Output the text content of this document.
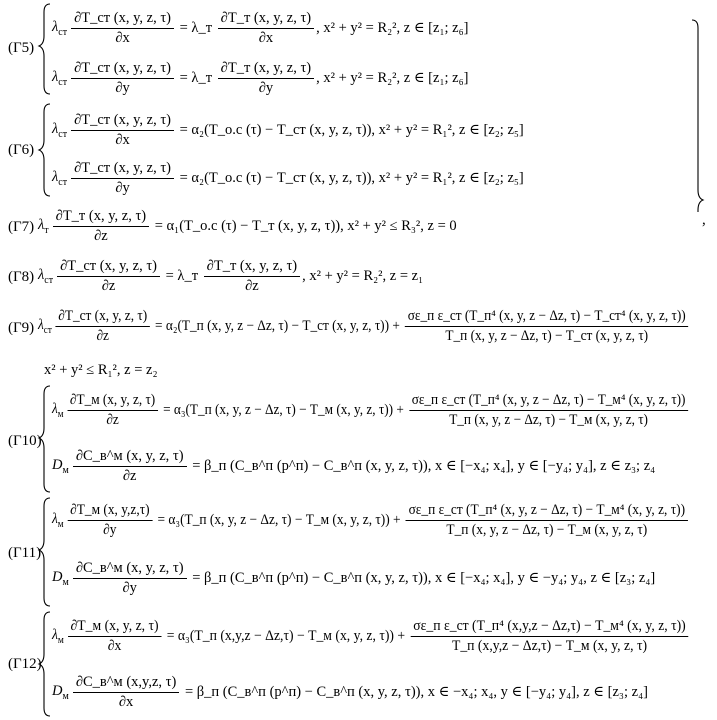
(Г5)
(Г6)
(Г7)
(Г8)
(Г9)
(Г10)
(Г11)
(Г12)
,
$\lambda_{ст} \frac{\partial T\_ст (x, y, z, \tau)}{\partial x}$ = λ_т $\frac{\partial T\_т (x, y, z, \tau)}{\partial x}$ , x² + y² = R₂², z ∈ [z₁; z₆]
$\lambda_{ст} \frac{\partial T\_ст (x, y, z, \tau)}{\partial y}$ = λ_т $\frac{\partial T\_т (x, y, z, \tau)}{\partial y}$ , x² + y² = R₂², z ∈ [z₁; z₆]
$\lambda_{ст} \frac{\partial T\_ст (x, y, z, \tau)}{\partial x}$ = α₂(T_о.с (τ) − T_ст (x, y, z, τ)), x² + y² = R₁², z ∈ [z₂; z₅]
$\lambda_{ст} \frac{\partial T\_ст (x, y, z, \tau)}{\partial y}$ = α₂(T_о.с (τ) − T_ст (x, y, z, τ)), x² + y² = R₁², z ∈ [z₂; z₅]
$\lambda_т \frac{\partial T\_т (x, y, z, \tau)}{\partial z}$ = α₁(T_о.с (τ) − T_т (x, y, z, τ)), x² + y² ≤ R₃², z = 0
$\lambda_{ст} \frac{\partial T\_ст (x, y, z, \tau)}{\partial z}$ = λ_т $\frac{\partial T\_т (x, y, z, \tau)}{\partial z}$ , x² + y² = R₂², z = z₁
$\lambda_{ст} \frac{\partial T\_ст (x, y, z, \tau)}{\partial z}$ = α₂(T_п (x, y, z − Δz, τ) − T_ст (x, y, z, $\tau)) + \frac{\text{σε\_п ε\_ст (T\_п⁴ (x, y, z − Δz, τ) − T\_ст⁴ (x, y, z, τ))}}{T\_п (x, y, z - \Delta z, \tau) - T\_ст (x, y, z, \tau)}$
x² + y² ≤ R₁², z = z₂
$\lambda_м \frac{\partial T\_м (x, y, z, \tau)}{\partial z}$ = α₃(T_п (x, y, z − Δz, τ) − T_м (x, y, z, $\tau)) + \frac{\text{σε\_п ε\_ст (T\_п⁴ (x, y, z − Δz, τ) − T\_м⁴ (x, y, z, τ))}}{T\_п (x, y, z - \Delta z, \tau) - T\_м (x, y, z, \tau)}$
$D_м \frac{\partial C\_в\^{}м (x, y, z, \tau)}{\partial z}$ = β_п (C_в^п (p^п) − C_в^п (x, y, z, τ)), x ∈ [−x₄; x₄], y ∈ [−y₄; y₄], z ∈ z₃; z₄
$\lambda_м \frac{\partial T\_м (x, y,z,\tau)}{\partial y}$ = α₃(T_п (x, y, z − Δz, τ) − T_м (x, y, z, $\tau)) + \frac{\text{σε\_п ε\_ст (T\_п⁴ (x, y, z − Δz, τ) − T\_м⁴ (x, y, z, τ))}}{T\_п (x, y, z - \Delta z, \tau) - T\_м (x, y, z, \tau)}$
$D_м \frac{\partial C\_в\^{}м (x, y, z, \tau)}{\partial y}$ = β_п (C_в^п (p^п) − C_в^п (x, y, z, τ)), x ∈ [−x₄; x₄], y ∈ −y₄; y₄, z ∈ [z₃; z₄]
$\lambda_м \frac{\partial T\_м (x, y, z, \tau)}{\partial x}$ = α₃(T_п (x,y,z − Δz,τ) − T_м (x, y, z, $\tau)) + \frac{\text{σε\_п ε\_ст (T\_п⁴ (x,y,z − Δz,τ) − T\_м⁴ (x, y, z, τ))}}{T\_п (x,y,z - \Delta z,\tau) - T\_м (x, y, z, \tau)}$
$D_м \frac{\partial C\_в\^{}м (x,y,z, \tau)}{\partial x}$ = β_п (C_в^п (p^п) − C_в^п (x, y, z, τ)), x ∈ −x₄; x₄, y ∈ [−y₄; y₄], z ∈ [z₃; z₄]
